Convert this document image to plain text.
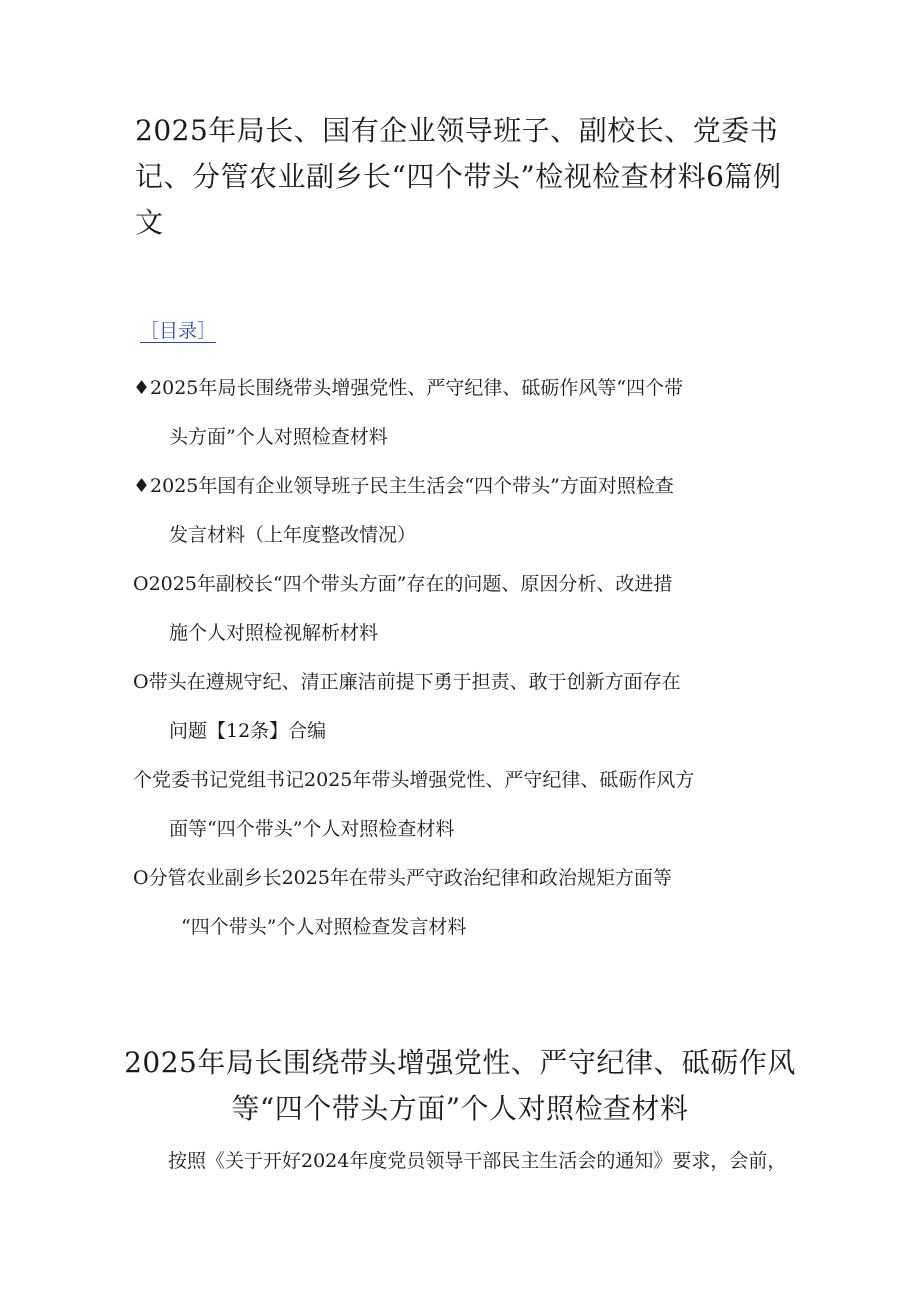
2025年局长、国有企业领导班子、副校长、党委书记、分管农业副乡长“四个带头”检视检查材料6篇例文
［目录］
♦2025年局长围绕带头增强党性、严守纪律、砥砺作风等“四个带
头方面”个人对照检查材料
♦2025年国有企业领导班子民主生活会“四个带头”方面对照检查
发言材料（上年度整改情况）
O2025年副校长“四个带头方面”存在的问题、原因分析、改进措
施个人对照检视解析材料
O带头在遵规守纪、清正廉洁前提下勇于担责、敢于创新方面存在
问题【12条】合编
个党委书记党组书记2025年带头增强党性、严守纪律、砥砺作风方
面等“四个带头”个人对照检查材料
O分管农业副乡长2025年在带头严守政治纪律和政治规矩方面等
“四个带头”个人对照检查发言材料
2025年局长围绕带头增强党性、严守纪律、砥砺作风等“四个带头方面”个人对照检查材料

按照《关于开好2024年度党员领导干部民主生活会的通知》要求，会前，
